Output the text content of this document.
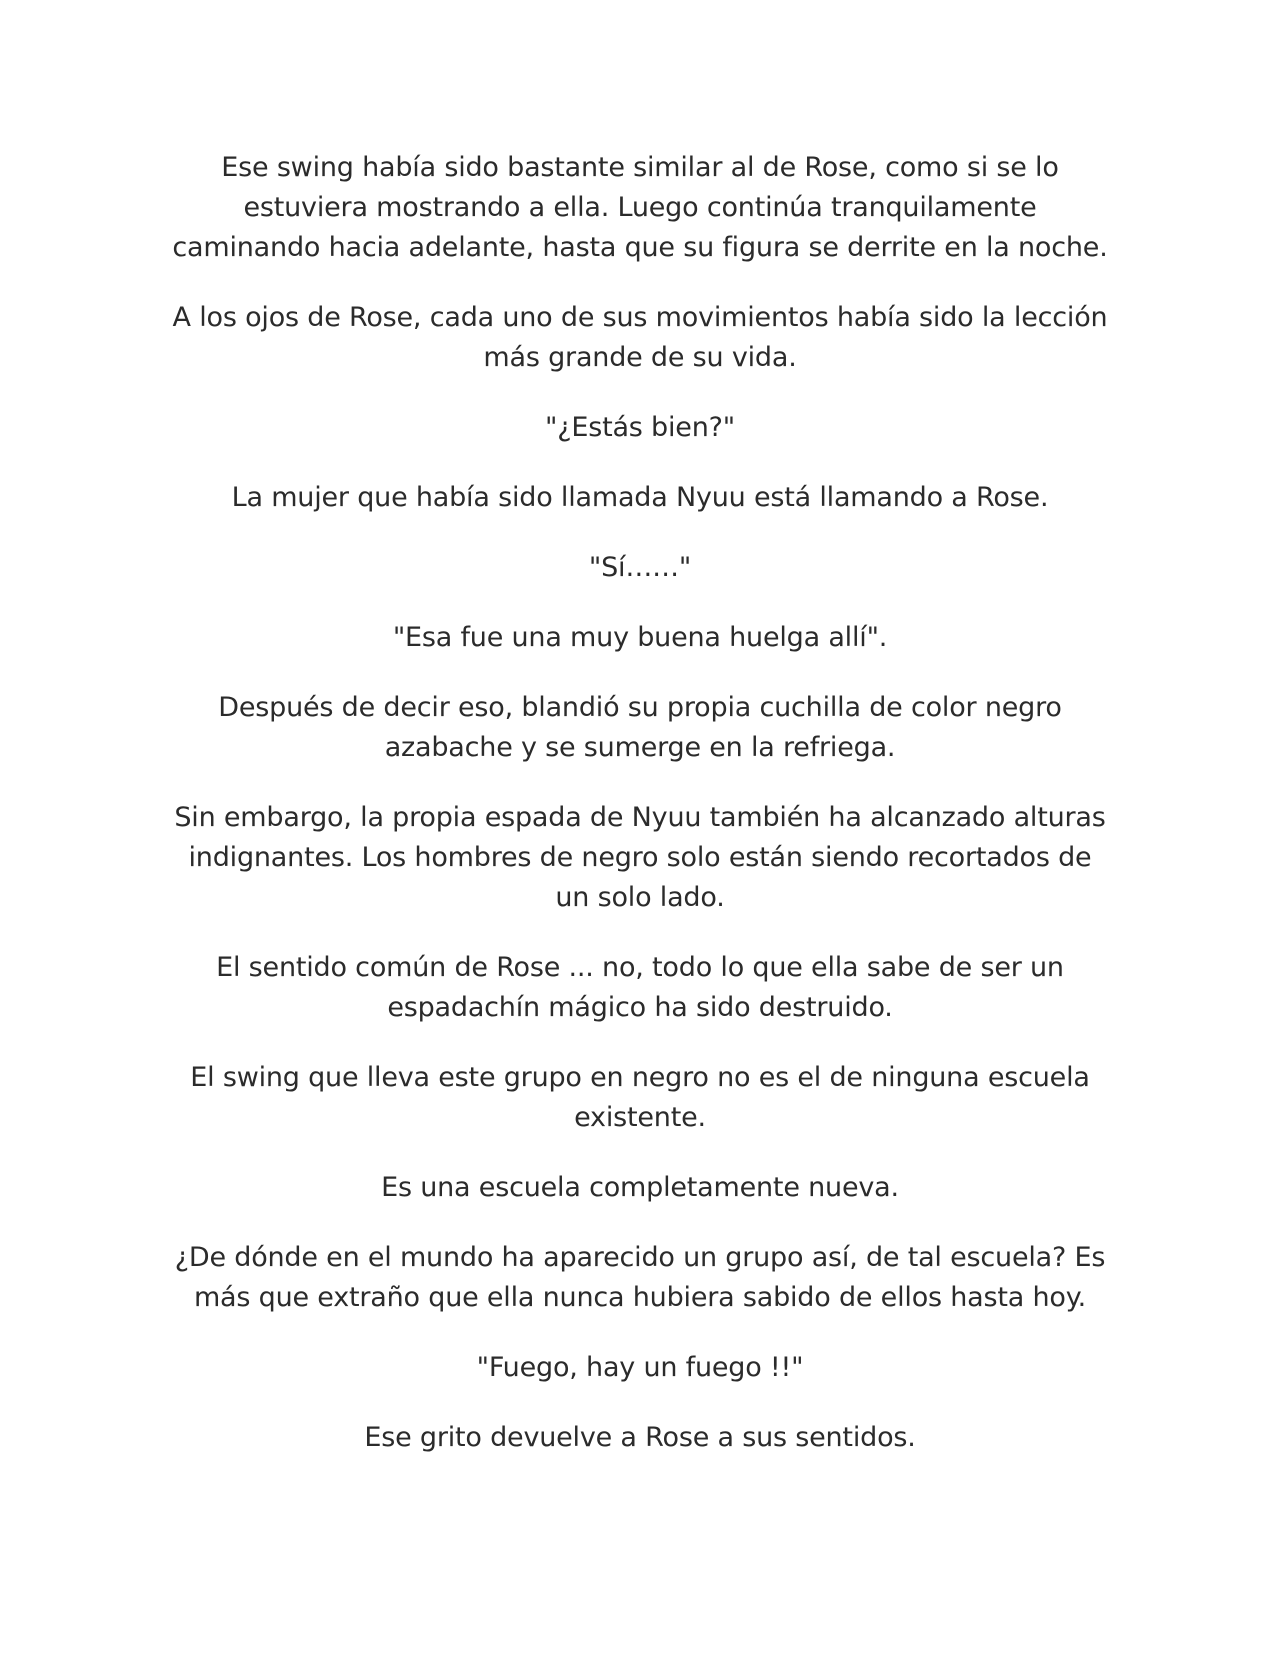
Ese swing había sido bastante similar al de Rose, como si se lo estuviera mostrando a ella. Luego continúa tranquilamente caminando hacia adelante, hasta que su figura se derrite en la noche.

A los ojos de Rose, cada uno de sus movimientos había sido la lección más grande de su vida.

"¿Estás bien?"

La mujer que había sido llamada Nyuu está llamando a Rose.

"Sí……"

"Esa fue una muy buena huelga allí".

Después de decir eso, blandió su propia cuchilla de color negro azabache y se sumerge en la refriega.

Sin embargo, la propia espada de Nyuu también ha alcanzado alturas indignantes. Los hombres de negro solo están siendo recortados de un solo lado.

El sentido común de Rose ... no, todo lo que ella sabe de ser un espadachín mágico ha sido destruido.

El swing que lleva este grupo en negro no es el de ninguna escuela existente.

Es una escuela completamente nueva.

¿De dónde en el mundo ha aparecido un grupo así, de tal escuela? Es más que extraño que ella nunca hubiera sabido de ellos hasta hoy.

"Fuego, hay un fuego !!"

Ese grito devuelve a Rose a sus sentidos.
